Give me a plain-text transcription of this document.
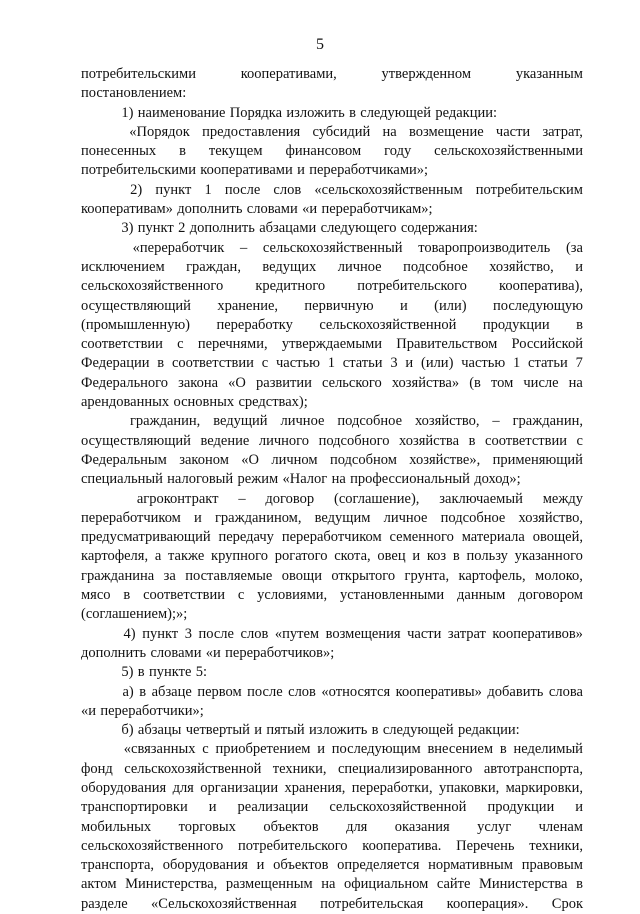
5
потребительскими	кооперативами,	утвержденном	указанным
постановлением:
1) наименование Порядка изложить в следующей редакции:
«Порядок предоставления субсидий на возмещение части затрат,
понесенных в текущем финансовом году сельскохозяйственными
потребительскими кооперативами и переработчиками»;
2) пункт 1 после слов «сельскохозяйственным потребительским
кооперативам» дополнить словами «и переработчикам»;
3) пункт 2 дополнить абзацами следующего содержания:
«переработчик – сельскохозяйственный товаропроизводитель (за
исключением граждан, ведущих личное подсобное хозяйство, и
сельскохозяйственного кредитного потребительского кооператива),
осуществляющий хранение, первичную и (или) последующую
(промышленную) переработку сельскохозяйственной продукции в
соответствии с перечнями, утверждаемыми Правительством Российской
Федерации в соответствии с частью 1 статьи 3 и (или) частью 1 статьи 7
Федерального закона «О развитии сельского хозяйства» (в том числе на
арендованных основных средствах);
гражданин, ведущий личное подсобное хозяйство, – гражданин,
осуществляющий ведение личного подсобного хозяйства в соответствии с
Федеральным законом «О личном подсобном хозяйстве», применяющий
специальный налоговый режим «Налог на профессиональный доход»;
агроконтракт – договор (соглашение), заключаемый между
переработчиком и гражданином, ведущим личное подсобное хозяйство,
предусматривающий передачу переработчиком семенного материала овощей,
картофеля, а также крупного рогатого скота, овец и коз в пользу указанного
гражданина за поставляемые овощи открытого грунта, картофель, молоко,
мясо в соответствии с условиями, установленными данным договором
(соглашением);»;
4) пункт 3 после слов «путем возмещения части затрат кооперативов»
дополнить словами «и переработчиков»;
5) в пункте 5:
а) в абзаце первом после слов «относятся кооперативы» добавить слова
«и переработчики»;
б) абзацы четвертый и пятый изложить в следующей редакции:
«связанных с приобретением и последующим внесением в неделимый
фонд сельскохозяйственной техники, специализированного автотранспорта,
оборудования для организации хранения, переработки, упаковки, маркировки,
транспортировки и реализации сельскохозяйственной продукции и
мобильных торговых объектов для оказания услуг членам
сельскохозяйственного потребительского кооператива. Перечень техники,
транспорта, оборудования и объектов определяется нормативным правовым
актом Министерства, размещенным на официальном сайте Министерства в
разделе «Сельскохозяйственная потребительская кооперация». Срок
